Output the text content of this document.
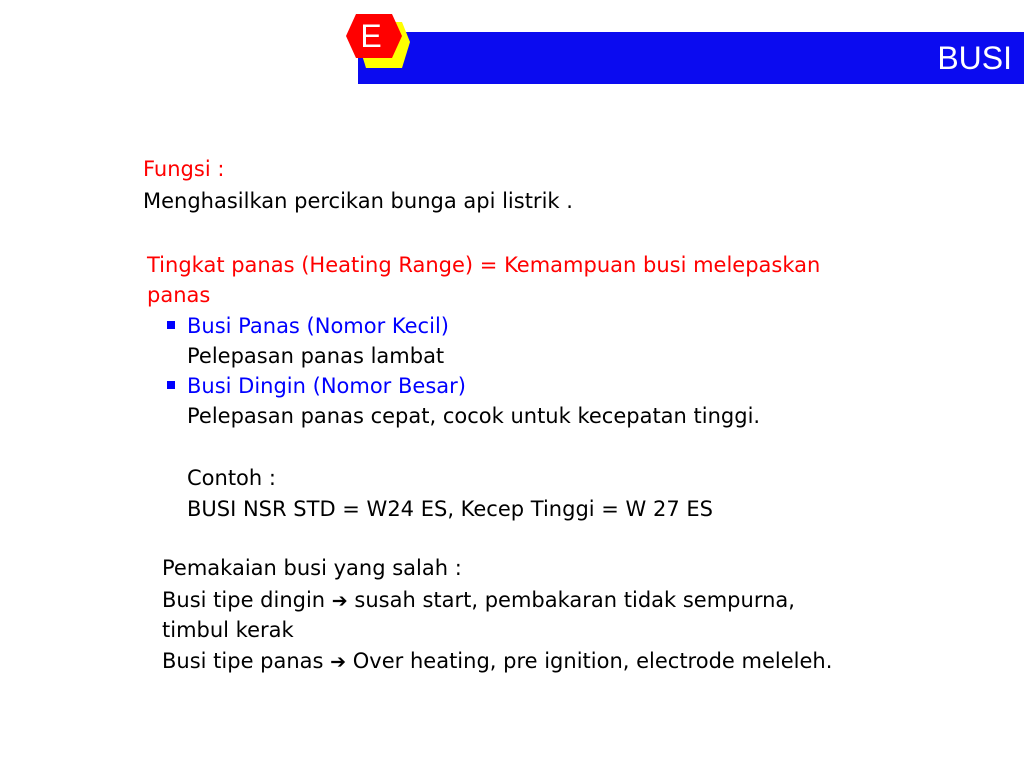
BUSI
E
Fungsi :
Menghasilkan percikan bunga api listrik .
Tingkat panas (Heating Range) = Kemampuan busi melepaskan
panas
Busi Panas (Nomor Kecil)
Pelepasan panas lambat
Busi Dingin (Nomor Besar)
Pelepasan panas cepat, cocok untuk kecepatan tinggi.
Contoh :
BUSI NSR STD = W24 ES, Kecep Tinggi = W 27 ES
Pemakaian busi yang salah :
Busi tipe dingin ➔ susah start, pembakaran tidak sempurna,
timbul kerak
Busi tipe panas ➔ Over heating, pre ignition, electrode meleleh.
